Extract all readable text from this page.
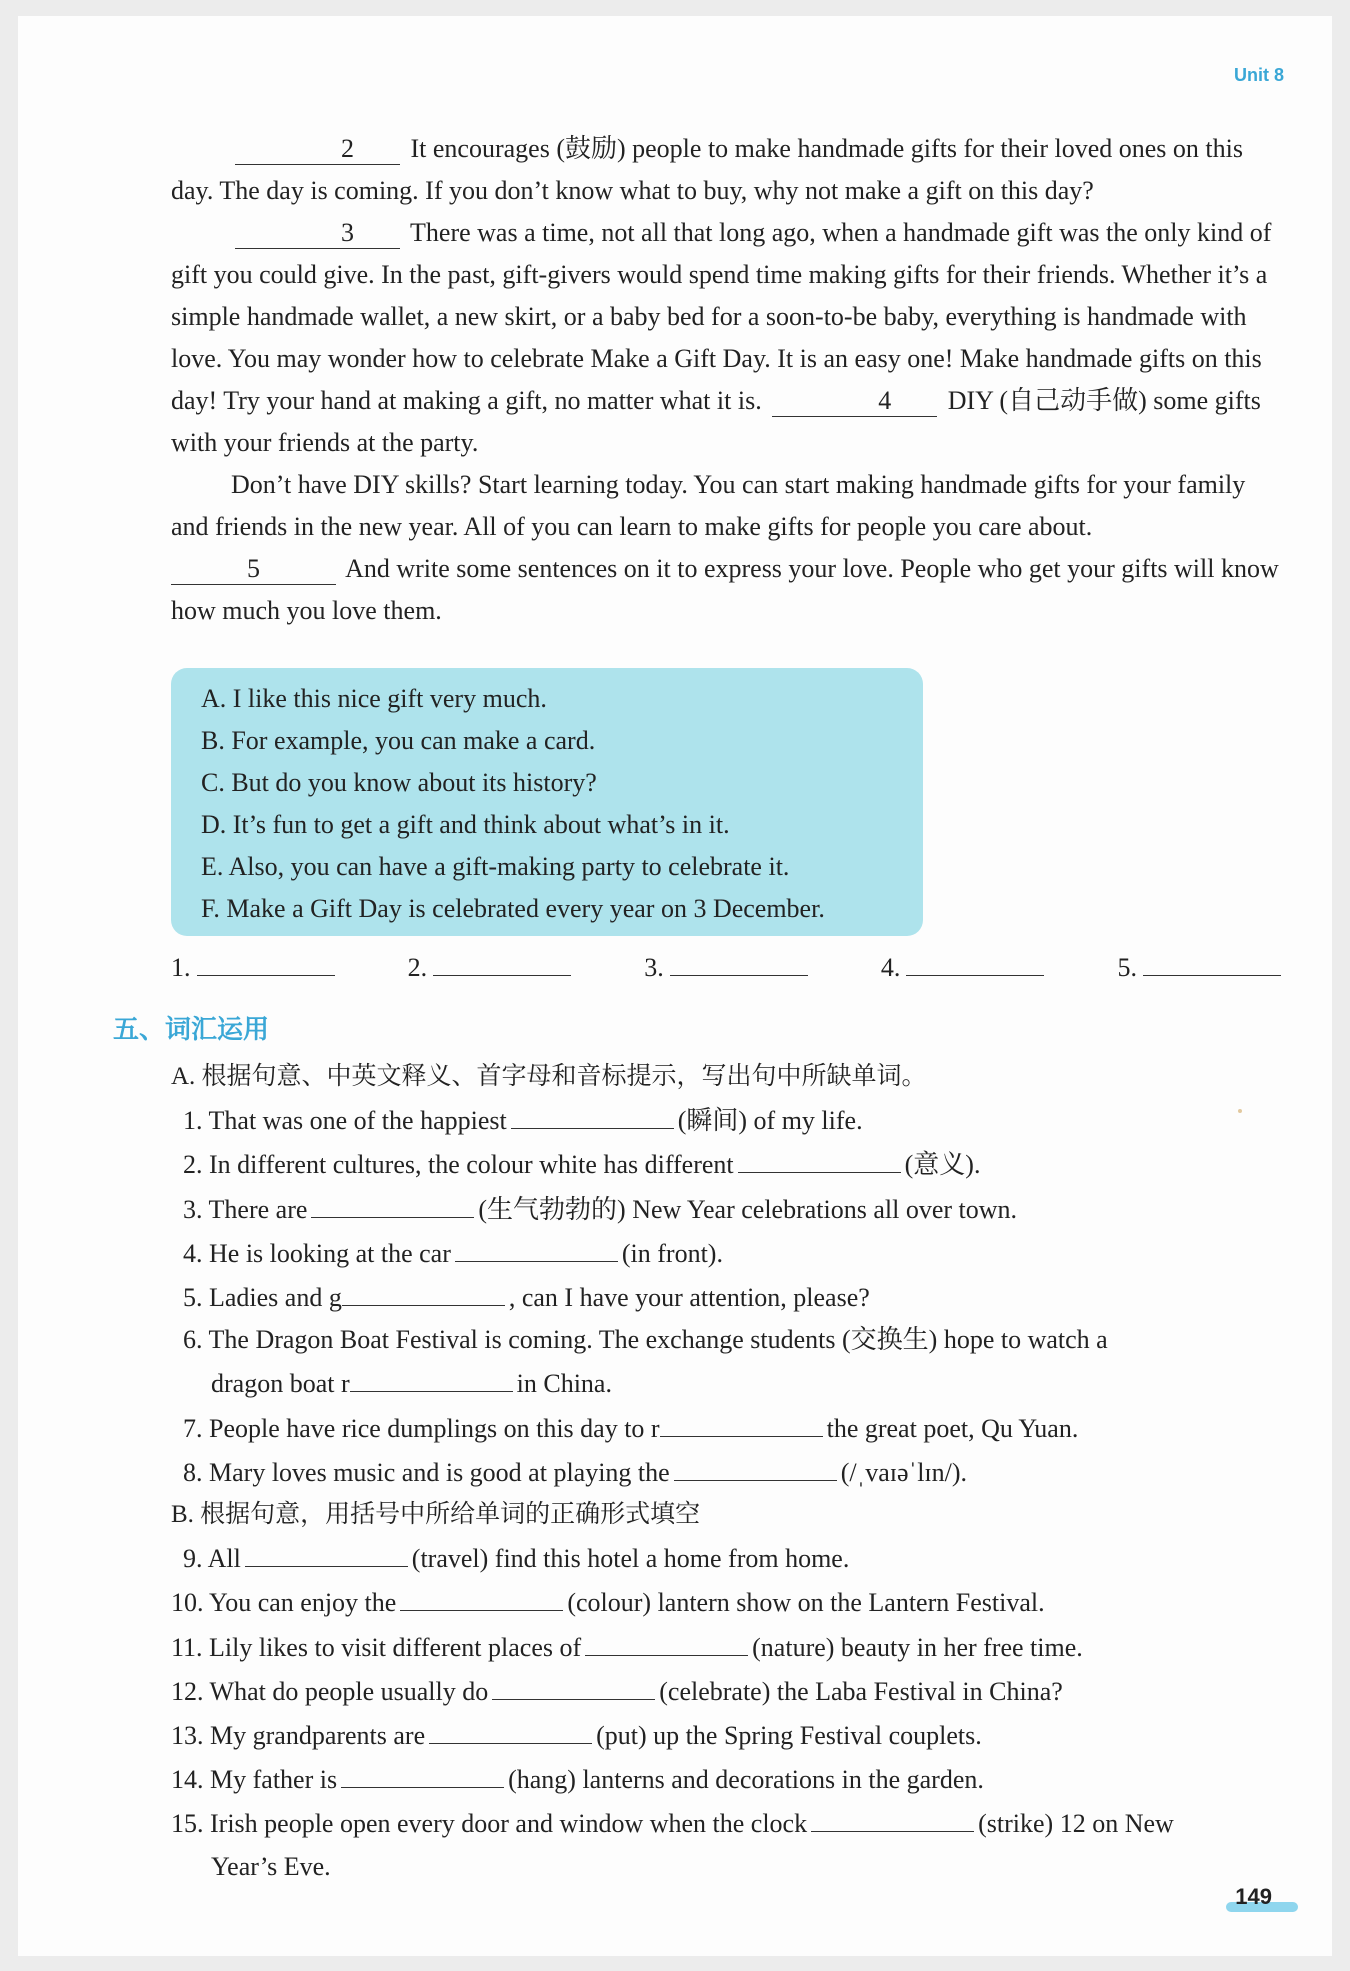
Unit 8

2 It encourages (鼓励) people to make handmade gifts for their loved ones on this day. The day is coming. If you don’t know what to buy, why not make a gift on this day?

3 There was a time, not all that long ago, when a handmade gift was the only kind of gift you could give. In the past, gift-givers would spend time making gifts for their friends. Whether it’s a simple handmade wallet, a new skirt, or a baby bed for a soon-to-be baby, everything is handmade with love. You may wonder how to celebrate Make a Gift Day. It is an easy one! Make handmade gifts on this day! Try your hand at making a gift, no matter what it is.	4 DIY (自己动手做) some gifts with your friends at the party.

Don’t have DIY skills? Start learning today. You can start making handmade gifts for your family and friends in the new year. All of you can learn to make gifts for people you care about.

5	And write some sentences on it to express your love. People who get your gifts will know how much you love them.

A. I like this nice gift very much.
B. For example, you can make a card.
C. But do you know about its history?
D. It’s fun to get a gift and think about what’s in it.
E. Also, you can have a gift-making party to celebrate it.
F. Make a Gift Day is celebrated every year on 3 December.
1.	2.	3.	4.	5.
五、词汇运用
A. 根据句意、中英文释义、首字母和音标提示，写出句中所缺单词。
1. That was one of the happiest	(瞬间) of my life.
2. In different cultures, the colour white has different	(意义).
3. There are	(生气勃勃的) New Year celebrations all over town.
4. He is looking at the car	(in front).
5. Ladies and g	, can I have your attention, please?
6. The Dragon Boat Festival is coming. The exchange students (交换生) hope to watch a
dragon boat r	in China.
7. People have rice dumplings on this day to r	the great poet, Qu Yuan.
8. Mary loves music and is good at playing the	(/ˌvaɪəˈlɪn/).
B. 根据句意，用括号中所给单词的正确形式填空
9. All	(travel) find this hotel a home from home.
10. You can enjoy the	(colour) lantern show on the Lantern Festival.
11. Lily likes to visit different places of	(nature) beauty in her free time.
12. What do people usually do	(celebrate) the Laba Festival in China?
13. My grandparents are	(put) up the Spring Festival couplets.
14. My father is	(hang) lanterns and decorations in the garden.
15. Irish people open every door and window when the clock	(strike) 12 on New
Year’s Eve.
149
